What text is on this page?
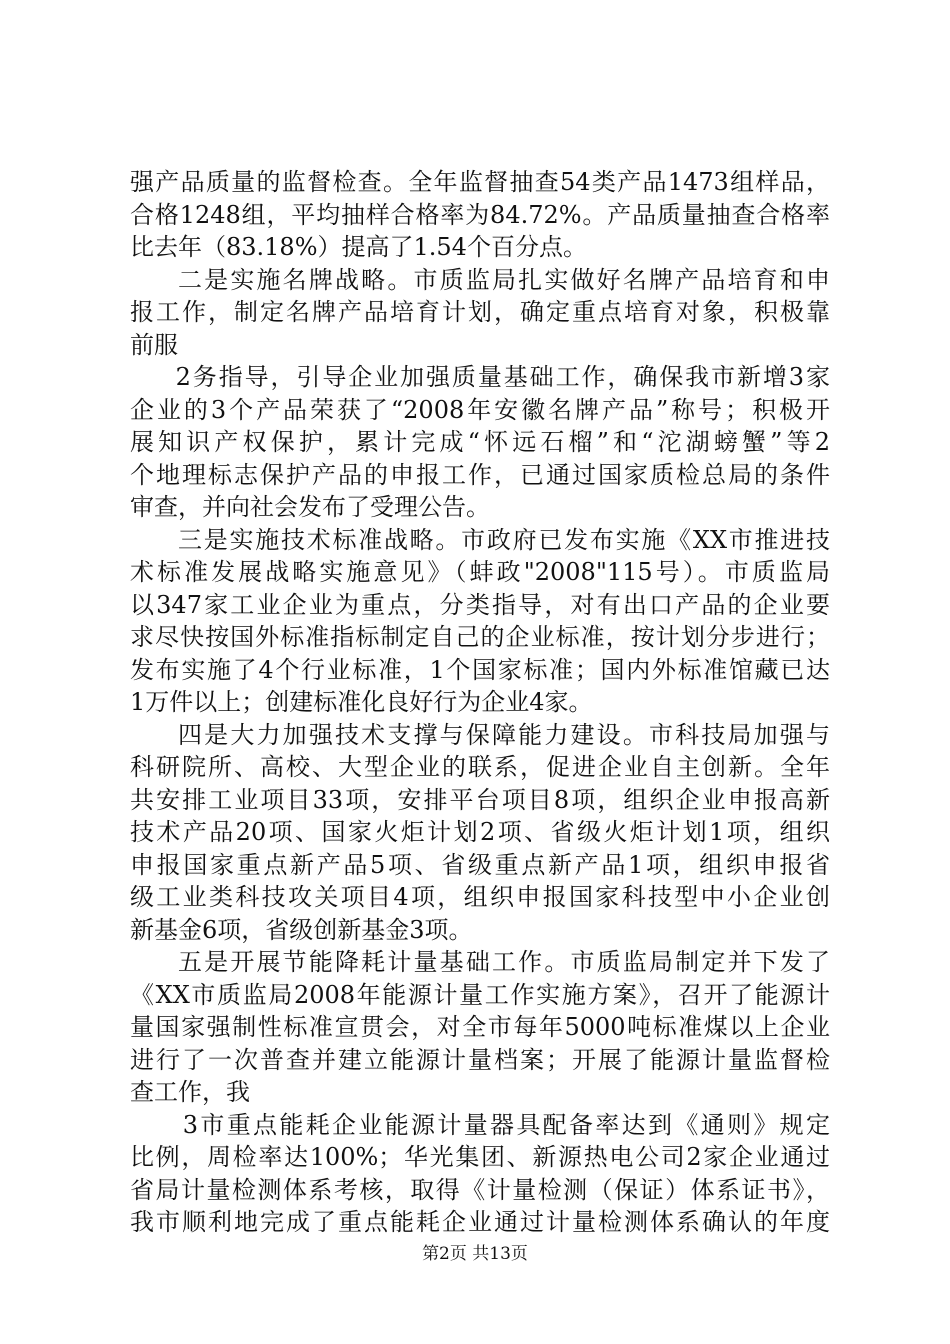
强产品质量的监督检查。全年监督抽查54类产品1473组样品，
合格1248组，平均抽样合格率为84.72%。产品质量抽查合格率
比去年（83.18%）提高了1.54个百分点。
二是实施名牌战略。市质监局扎实做好名牌产品培育和申
报工作，制定名牌产品培育计划，确定重点培育对象，积极靠
前服
2务指导，引导企业加强质量基础工作，确保我市新增3家
企业的3个产品荣获了“2008年安徽名牌产品”称号；积极开
展知识产权保护，累计完成“怀远石榴”和“沱湖螃蟹”等2
个地理标志保护产品的申报工作，已通过国家质检总局的条件
审查，并向社会发布了受理公告。
三是实施技术标准战略。市政府已发布实施《XX市推进技
术标准发展战略实施意见》（蚌政"2008"115号）。市质监局
以347家工业企业为重点，分类指导，对有出口产品的企业要
求尽快按国外标准指标制定自己的企业标准，按计划分步进行；
发布实施了4个行业标准，1个国家标准；国内外标准馆藏已达
1万件以上；创建标准化良好行为企业4家。
四是大力加强技术支撑与保障能力建设。市科技局加强与
科研院所、高校、大型企业的联系，促进企业自主创新。全年
共安排工业项目33项，安排平台项目8项，组织企业申报高新
技术产品20项、国家火炬计划2项、省级火炬计划1项，组织
申报国家重点新产品5项、省级重点新产品1项，组织申报省
级工业类科技攻关项目4项，组织申报国家科技型中小企业创
新基金6项，省级创新基金3项。
五是开展节能降耗计量基础工作。市质监局制定并下发了
《XX市质监局2008年能源计量工作实施方案》，召开了能源计
量国家强制性标准宣贯会，对全市每年5000吨标准煤以上企业
进行了一次普查并建立能源计量档案；开展了能源计量监督检
查工作，我
3市重点能耗企业能源计量器具配备率达到《通则》规定
比例，周检率达100%；华光集团、新源热电公司2家企业通过
省局计量检测体系考核，取得《计量检测（保证）体系证书》，
我市顺利地完成了重点能耗企业通过计量检测体系确认的年度
第2页 共13页
